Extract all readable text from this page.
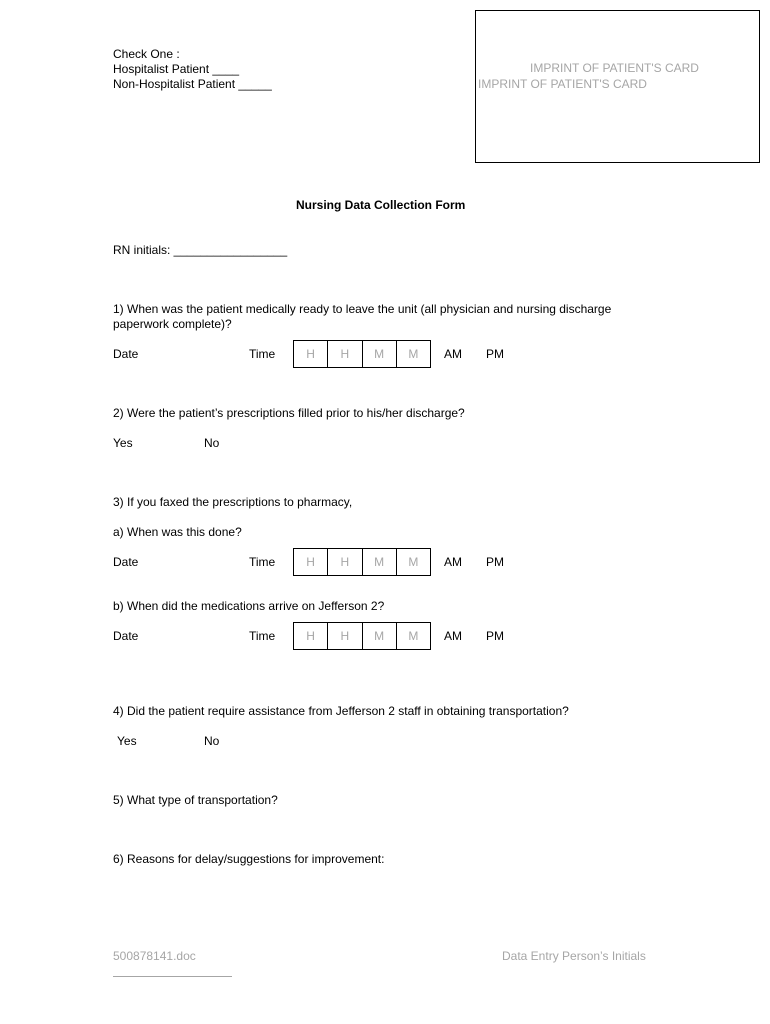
Check One :
Hospitalist Patient ____
Non-Hospitalist Patient _____
IMPRINT OF PATIENT'S CARD
IMPRINT OF PATIENT'S CARD
Nursing Data Collection Form
RN initials: _________________
1) When was the patient medically ready to leave the unit (all physician and nursing discharge
paperwork complete)?
Date	Time	H	H	M	M	AM PM
2) Were the patient’s prescriptions filled prior to his/her discharge?
Yes	No
3) If you faxed the prescriptions to pharmacy,
a) When was this done?
Date	Time	H	H	M	M	AM PM
b) When did the medications arrive on Jefferson 2?
Date	Time	H	H	M	M	AM PM
4) Did the patient require assistance from Jefferson 2 staff in obtaining transportation?
Yes	No
5) What type of transportation?
6) Reasons for delay/suggestions for improvement:
500878141.doc	Data Entry Person’s Initials
